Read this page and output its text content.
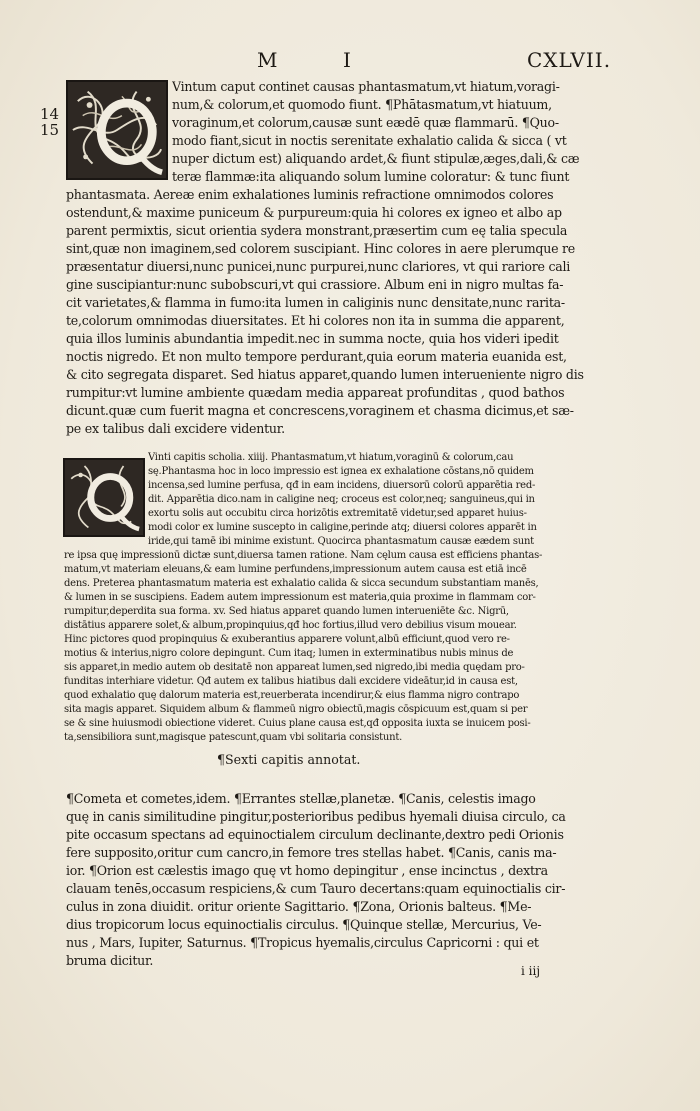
M	I	CXLVII.
14
15
Vintum caput continet causas phantasmatum,vt hiatum,voragi-
num,& colorum,et quomodo fiunt. ¶Phātasmatum,vt hiatuum,
voraginum,et colorum,causæ sunt eædē quæ flammarū. ¶Quo-
modo fiant,sicut in noctis serenitate exhalatio calida & sicca ( vt
nuper dictum est) aliquando ardet,& fiunt stipulæ,æges,dali,& cæ
teræ flammæ:ita aliquando solum lumine coloratur: & tunc fiunt
phantasmata. Aereæ enim exhalationes luminis refractione omnimodos colores
ostendunt,& maxime puniceum & purpureum:quia hi colores ex igneo et albo ap
parent permixtis, sicut orientia sydera monstrant,præsertim cum eę talia specula
sint,quæ non imaginem,sed colorem suscipiant. Hinc colores in aere plerumque re
præsentatur diuersi,nunc punicei,nunc purpurei,nunc clariores, vt qui rariore cali
gine suscipiantur:nunc subobscuri,vt qui crassiore. Album eni in nigro multas fa-
cit varietates,& flamma in fumo:ita lumen in caliginis nunc densitate,nunc rarita-
te,colorum omnimodas diuersitates. Et hi colores non ita in summa die apparent,
quia illos luminis abundantia impedit.nec in summa nocte, quia hos videri ipedit
noctis nigredo. Et non multo tempore perdurant,quia eorum materia euanida est,
& cito segregata disparet. Sed hiatus apparet,quando lumen interueniente nigro dis
rumpitur:vt lumine ambiente quædam media appareat profunditas , quod bathos
dicunt.quæ cum fuerit magna et concrescens,voraginem et chasma dicimus,et sæ-
pe ex talibus dali excidere videntur.
Vinti capitis scholia. xiiij. Phantasmatum,vt hiatum,voraginū & colorum,cau
sę.Phantasma hoc in loco impressio est ignea ex exhalatione cōstans,nō quidem
incensa,sed lumine perfusa, qđ in eam incidens, diuersorū colorū apparētia red-
dit. Apparētia dico.nam in caligine neq; croceus est color,neq; sanguineus,qui in
exortu solis aut occubitu circa horizōtis extremitatē videtur,sed apparet huius-
modi color ex lumine suscepto in caligine,perinde atq; diuersi colores apparēt in
iride,qui tamē ibi minime existunt. Quocirca phantasmatum causæ eædem sunt
re ipsa quę impressionū dictæ sunt,diuersa tamen ratione. Nam cęlum causa est efficiens phantas-
matum,vt materiam eleuans,& eam lumine perfundens,impressionum autem causa est etiā incē
dens. Preterea phantasmatum materia est exhalatio calida & sicca secundum substantiam manēs,
& lumen in se suscipiens. Eadem autem impressionum est materia,quia proxime in flammam cor-
rumpitur,deperdita sua forma. xv. Sed hiatus apparet quando lumen interueniēte &c. Nigrū,
distātius apparere solet,& album,propinquius,qđ hoc fortius,illud vero debilius visum mouear.
Hinc pictores quod propinquius & exuberantius apparere volunt,albū efficiunt,quod vero re-
motius & interius,nigro colore depingunt. Cum itaq; lumen in exterminatibus nubis minus de
sis apparet,in medio autem ob desitatē non appareat lumen,sed nigredo,ibi media quędam pro-
funditas interhiare videtur. Qđ autem ex talibus hiatibus dali excidere videātur,id in causa est,
quod exhalatio quę dalorum materia est,reuerberata incendirur,& eius flamma nigro contrapo
sita magis apparet. Siquidem album & flammeū nigro obiectū,magis cōspicuum est,quam si per
se & sine huiusmodi obiectione videret. Cuius plane causa est,qđ opposita iuxta se inuicem posi-
ta,sensibiliora sunt,magisque patescunt,quam vbi solitaria consistunt.
¶Sexti capitis annotat.
¶Cometa et cometes,idem. ¶Errantes stellæ,planetæ. ¶Canis, celestis imago
quę in canis similitudine pingitur,posterioribus pedibus hyemali diuisa circulo, ca
pite occasum spectans ad equinoctialem circulum declinante,dextro pedi Orionis
fere supposito,oritur cum cancro,in femore tres stellas habet. ¶Canis, canis ma-
ior. ¶Orion est cælestis imago quę vt homo depingitur , ense incinctus , dextra
clauam tenēs,occasum respiciens,& cum Tauro decertans:quam equinoctialis cir-
culus in zona diuidit. oritur oriente Sagittario. ¶Zona, Orionis balteus. ¶Me-
dius tropicorum locus equinoctialis circulus. ¶Quinque stellæ, Mercurius, Ve-
nus , Mars, Iupiter, Saturnus. ¶Tropicus hyemalis,circulus Capricorni : qui et
bruma dicitur.
i iij
